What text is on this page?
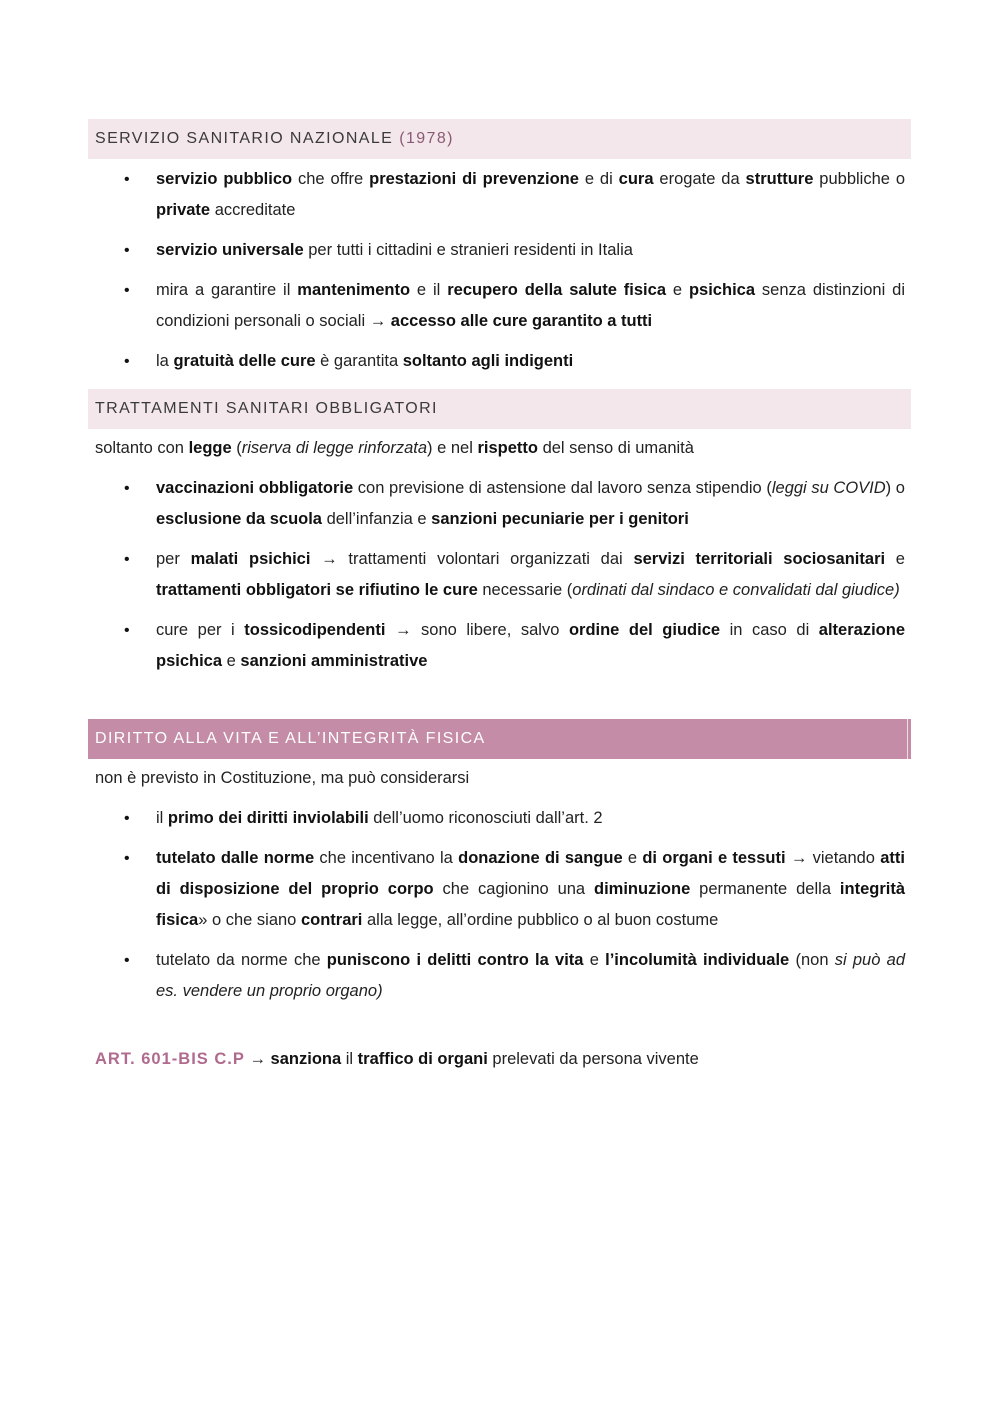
SERVIZIO SANITARIO NAZIONALE (1978)
• servizio pubblico che offre prestazioni di prevenzione e di cura erogate da strutture pubbliche o private accreditate
• servizio universale per tutti i cittadini e stranieri residenti in Italia
• mira a garantire il mantenimento e il recupero della salute fisica e psichica senza distinzioni di condizioni personali o sociali → accesso alle cure garantito a tutti
• la gratuità delle cure è garantita soltanto agli indigenti
TRATTAMENTI SANITARI OBBLIGATORI

soltanto con legge (riserva di legge rinforzata) e nel rispetto del senso di umanità

• vaccinazioni obbligatorie con previsione di astensione dal lavoro senza stipendio (leggi su COVID) o esclusione da scuola dell’infanzia e sanzioni pecuniarie per i genitori
• per malati psichici → trattamenti volontari organizzati dai servizi territoriali sociosanitari e trattamenti obbligatori se rifiutino le cure necessarie (ordinati dal sindaco e convalidati dal giudice)
• cure per i tossicodipendenti → sono libere, salvo ordine del giudice in caso di alterazione psichica e sanzioni amministrative
DIRITTO ALLA VITA E ALL’INTEGRITÀ FISICA

non è previsto in Costituzione, ma può considerarsi

• il primo dei diritti inviolabili dell’uomo riconosciuti dall’art. 2
• tutelato dalle norme che incentivano la donazione di sangue e di organi e tessuti → vietando atti di disposizione del proprio corpo che cagionino una diminuzione permanente della integrità fisica» o che siano contrari alla legge, all’ordine pubblico o al buon costume
• tutelato da norme che puniscono i delitti contro la vita e l’incolumità individuale (non si può ad es. vendere un proprio organo)

ART. 601-BIS C.P → sanziona il traffico di organi prelevati da persona vivente
